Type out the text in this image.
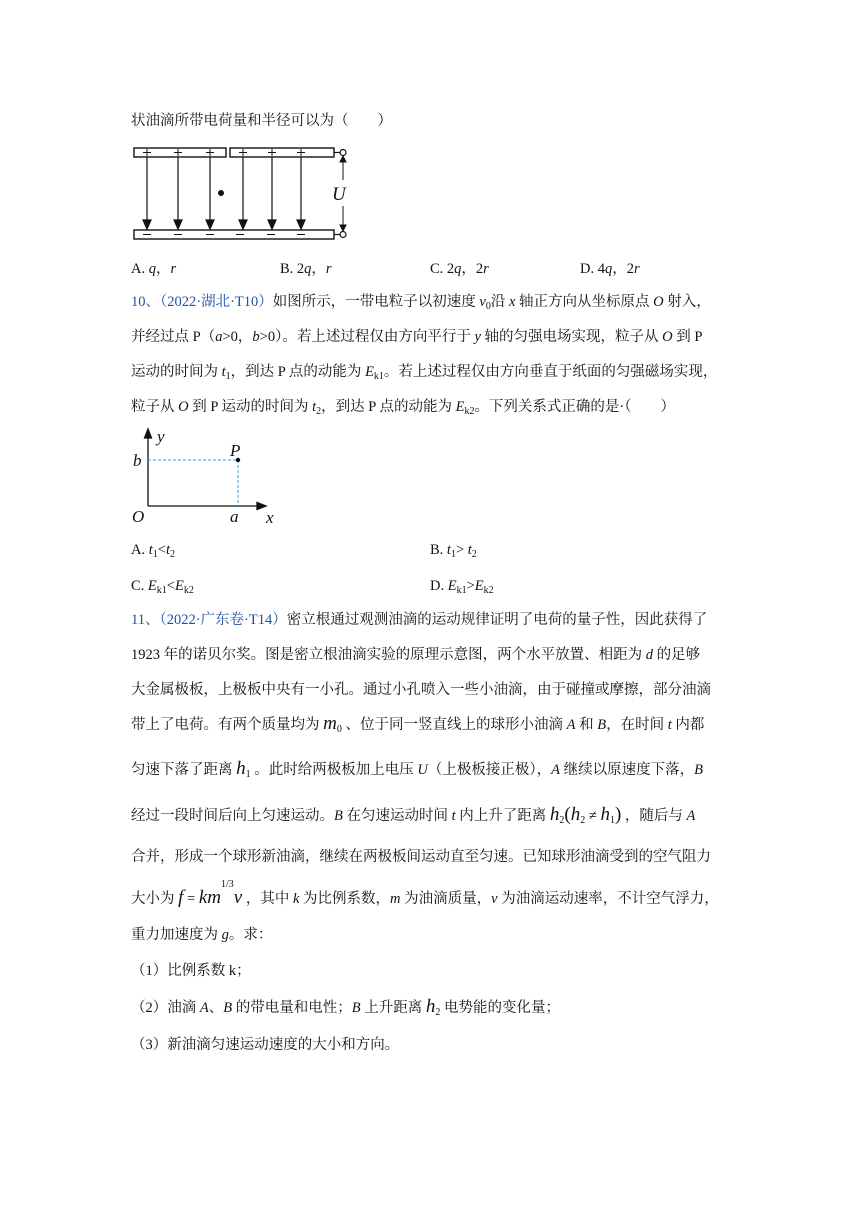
状油滴所带电荷量和半径可以为（　　）
U
A. q，r	B. 2q，r	C. 2q，2r	D. 4q，2r
10、（2022·湖北·T10）如图所示，一带电粒子以初速度 $v_0$沿 x 轴正方向从坐标原点 O 射入，
并经过点 P（a>0，b>0）。若上述过程仅由方向平行于 y 轴的匀强电场实现，粒子从 O 到 P
运动的时间为 $t_1$，到达 P 点的动能为 $E_{k1}$。若上述过程仅由方向垂直于纸面的匀强磁场实现，
粒子从 O 到 P 运动的时间为 $t_2$，到达 P 点的动能为 $E_{k2}$。下列关系式正确的是·（　　）
y
x
O	a
b
P
A. $t_1<t_2$	B. $t_1> t_2$
C. $E_{k1}<E_{k2}$	D. $E_{k1}>E_{k2}$
11、（2022·广东卷·T14）密立根通过观测油滴的运动规律证明了电荷的量子性，因此获得了
1923 年的诺贝尔奖。图是密立根油滴实验的原理示意图，两个水平放置、相距为 d 的足够
大金属极板，上极板中央有一小孔。通过小孔喷入一些小油滴，由于碰撞或摩擦，部分油滴
带上了电荷。有两个质量均为 $m_0$ 、位于同一竖直线上的球形小油滴 A 和 B，在时间 t 内都
匀速下落了距离 $h_1$ 。此时给两极板加上电压 U（上极板接正极），A 继续以原速度下落，B
经过一段时间后向上匀速运动。B 在匀速运动时间 t 内上升了距离 $h_2(h_2 \ne h_1)$ ，随后与 A
合并，形成一个球形新油滴，继续在两极板间运动直至匀速。已知球形油滴受到的空气阻力
大小为 $f = km^{1/3}v$ ，其中 k 为比例系数，m 为油滴质量，v 为油滴运动速率，不计空气浮力，
重力加速度为 g。求：
（1）比例系数 k；
（2）油滴 A、B 的带电量和电性；B 上升距离 $h_2$ 电势能的变化量；
（3）新油滴匀速运动速度的大小和方向。
